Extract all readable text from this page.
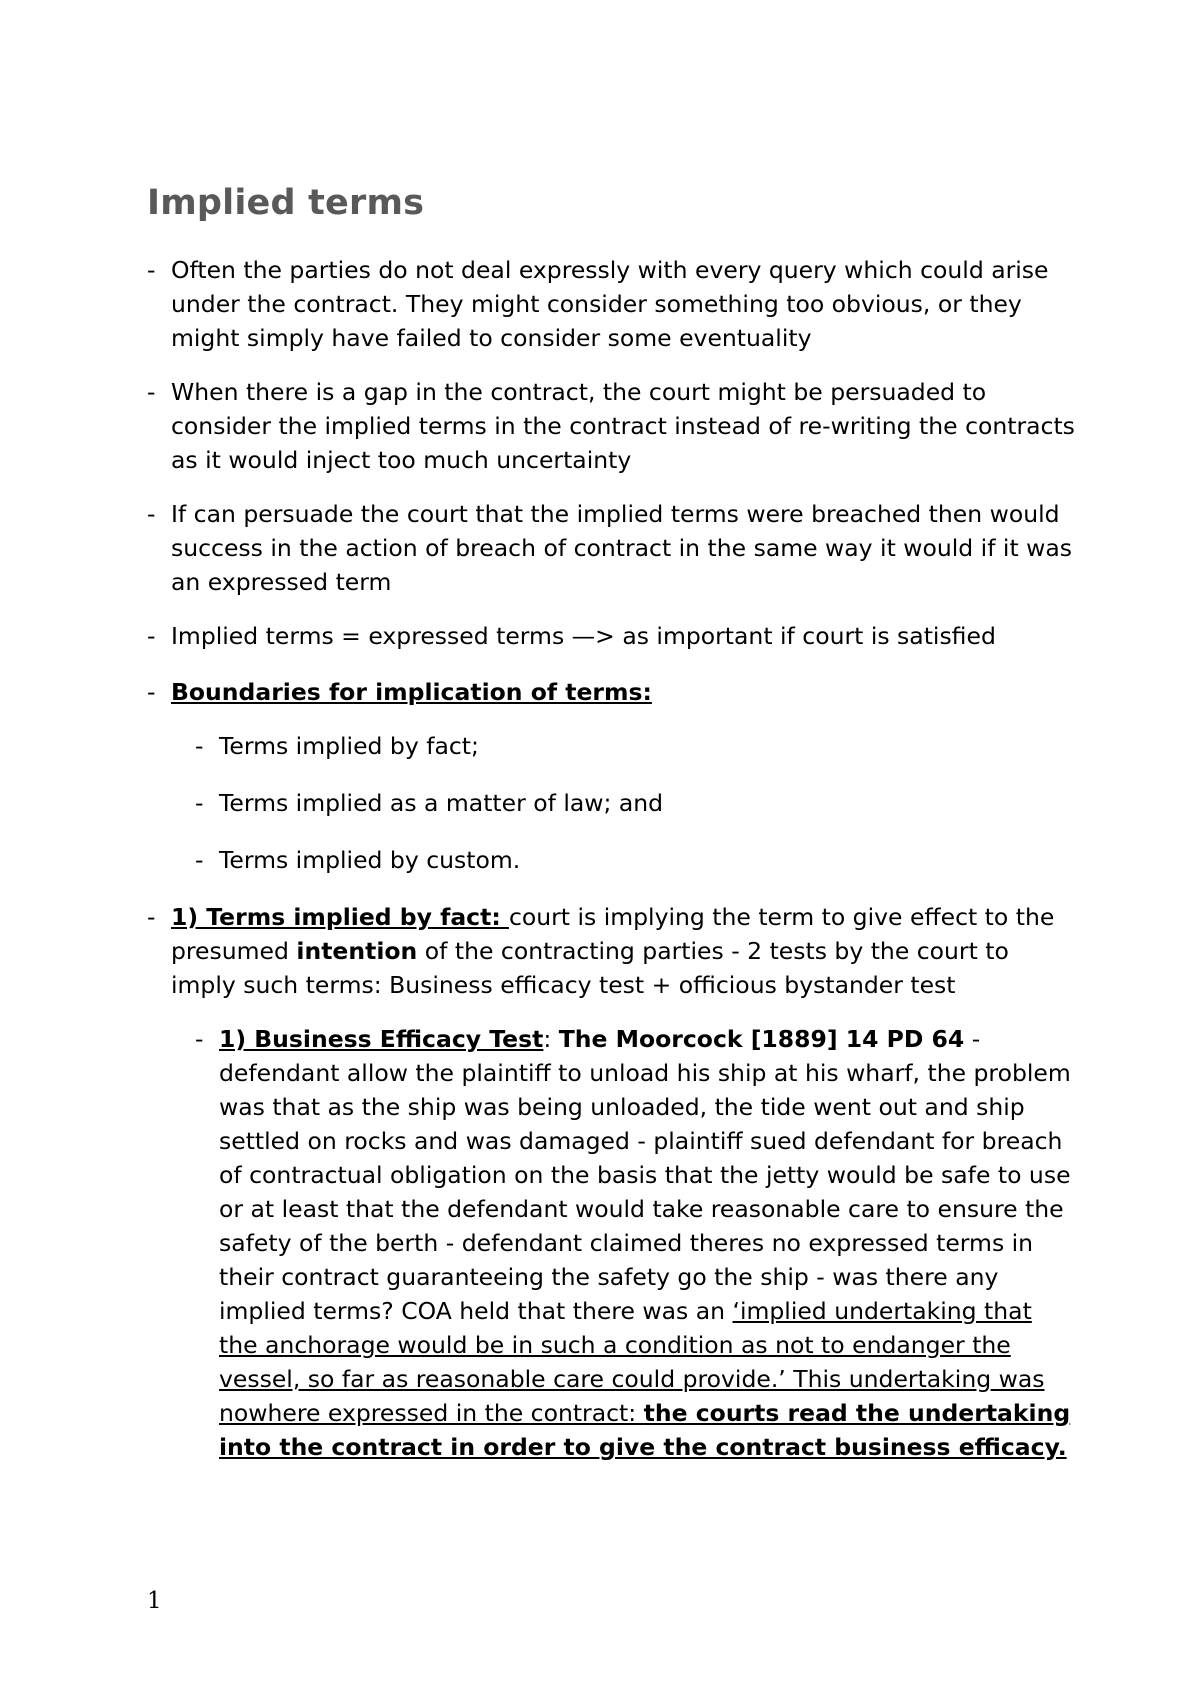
Implied terms
- Often the parties do not deal expressly with every query which could arise under the contract. They might consider something too obvious, or they might simply have failed to consider some eventuality
- When there is a gap in the contract, the court might be persuaded to consider the implied terms in the contract instead of re-writing the contracts as it would inject too much uncertainty
- If can persuade the court that the implied terms were breached then would success in the action of breach of contract in the same way it would if it was an expressed term
- Implied terms = expressed terms —> as important if court is satisfied
- Boundaries for implication of terms:
- Terms implied by fact;
- Terms implied as a matter of law; and
- Terms implied by custom.
- 1) Terms implied by fact: court is implying the term to give effect to the presumed intention of the contracting parties - 2 tests by the court to imply such terms: Business efficacy test + officious bystander test
- 1) Business Efficacy Test: The Moorcock [1889] 14 PD 64 - defendant allow the plaintiff to unload his ship at his wharf, the problem was that as the ship was being unloaded, the tide went out and ship settled on rocks and was damaged - plaintiff sued defendant for breach of contractual obligation on the basis that the jetty would be safe to use or at least that the defendant would take reasonable care to ensure the safety of the berth - defendant claimed theres no expressed terms in their contract guaranteeing the safety go the ship - was there any implied terms? COA held that there was an ‘implied undertaking that the anchorage would be in such a condition as not to endanger the vessel, so far as reasonable care could provide.’ This undertaking was nowhere expressed in the contract: the courts read the undertaking into the contract in order to give the contract business efficacy.
1
